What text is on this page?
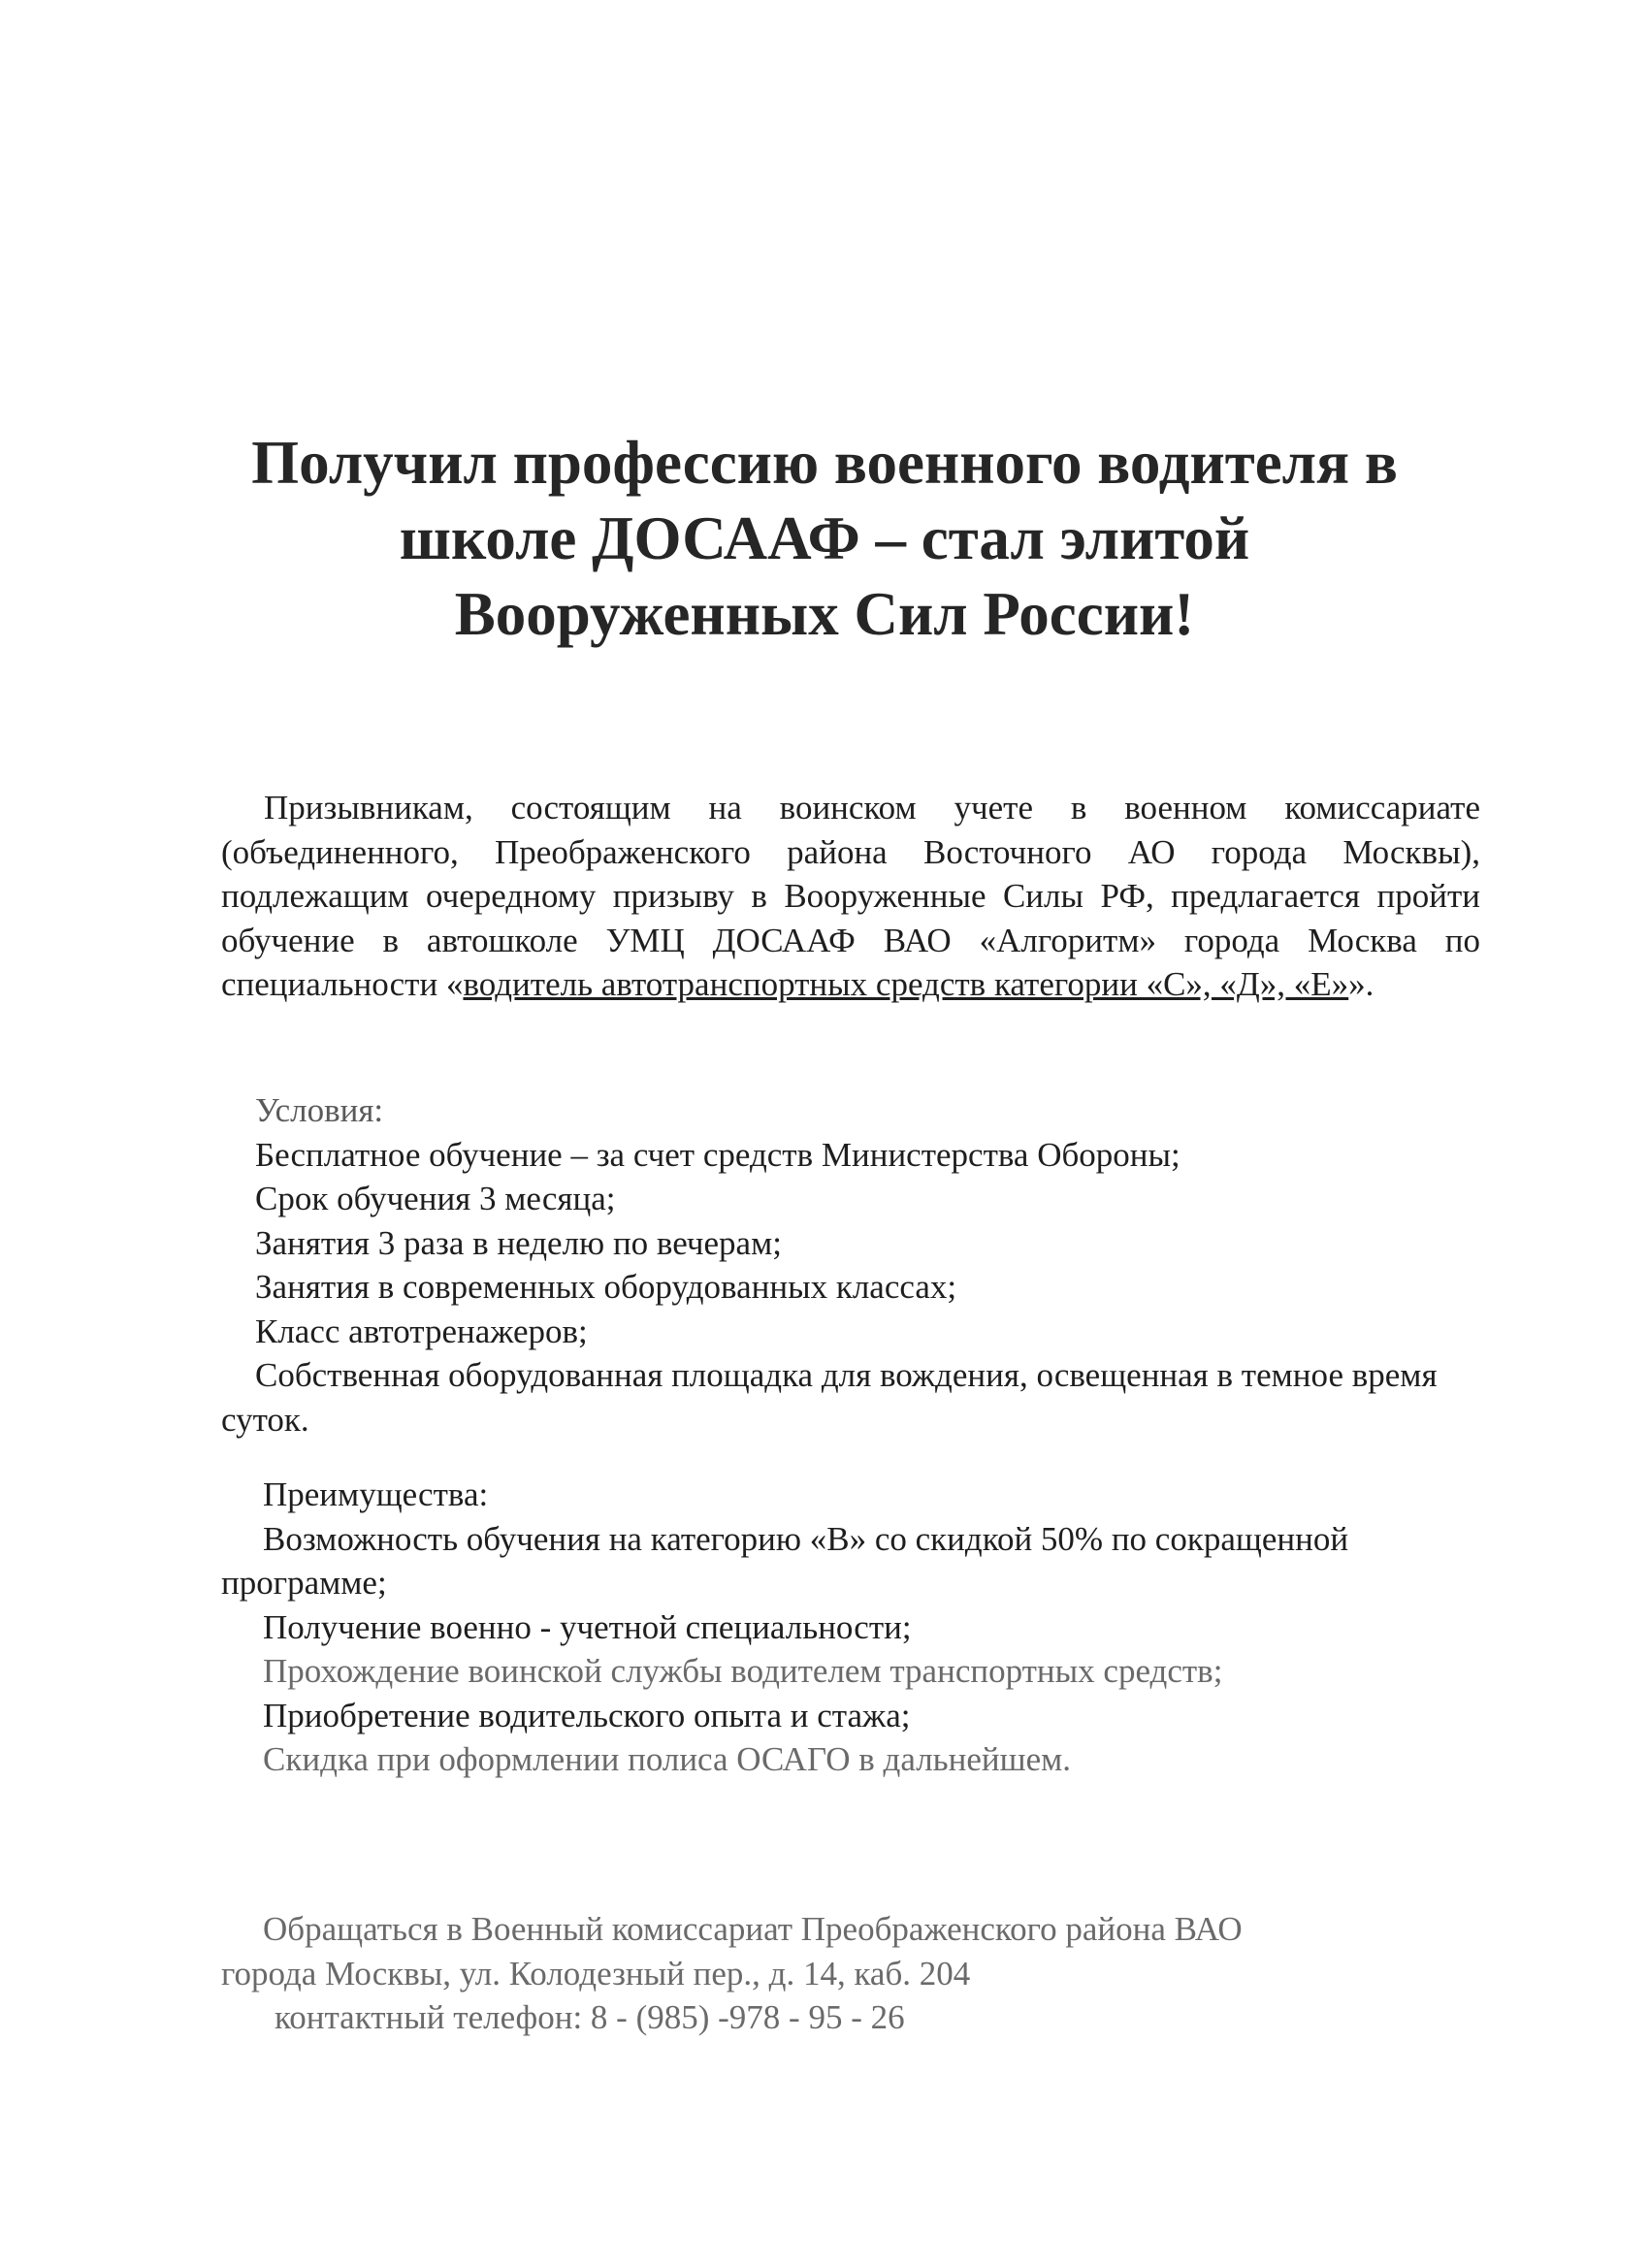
Получил профессию военного водителя в
школе ДОСААФ – стал элитой
Вооруженных Сил России!

Призывникам, состоящим на воинском учете в военном комиссариате (объединенного, Преображенского района Восточного АО города Москвы), подлежащим очередному призыву в Вооруженные Силы РФ, предлагается пройти обучение в автошколе УМЦ ДОСААФ ВАО «Алгоритм» города Москва по специальности «водитель автотранспортных средств категории «С», «Д», «Е»».

Условия:

Бесплатное обучение – за счет средств Министерства Обороны;

Срок обучения 3 месяца;

Занятия 3 раза в неделю по вечерам;

Занятия в современных оборудованных классах;

Класс автотренажеров;

Собственная оборудованная площадка для вождения, освещенная в темное время суток.

Преимущества:

Возможность обучения на категорию «В» со скидкой 50% по сокращенной программе;

Получение военно - учетной специальности;

Прохождение воинской службы водителем транспортных средств;

Приобретение водительского опыта и стажа;

Скидка при оформлении полиса ОСАГО в дальнейшем.

Обращаться в Военный комиссариат Преображенского района ВАО

города Москвы, ул. Колодезный пер., д. 14, каб. 204

контактный телефон: 8 - (985) -978 - 95 - 26
